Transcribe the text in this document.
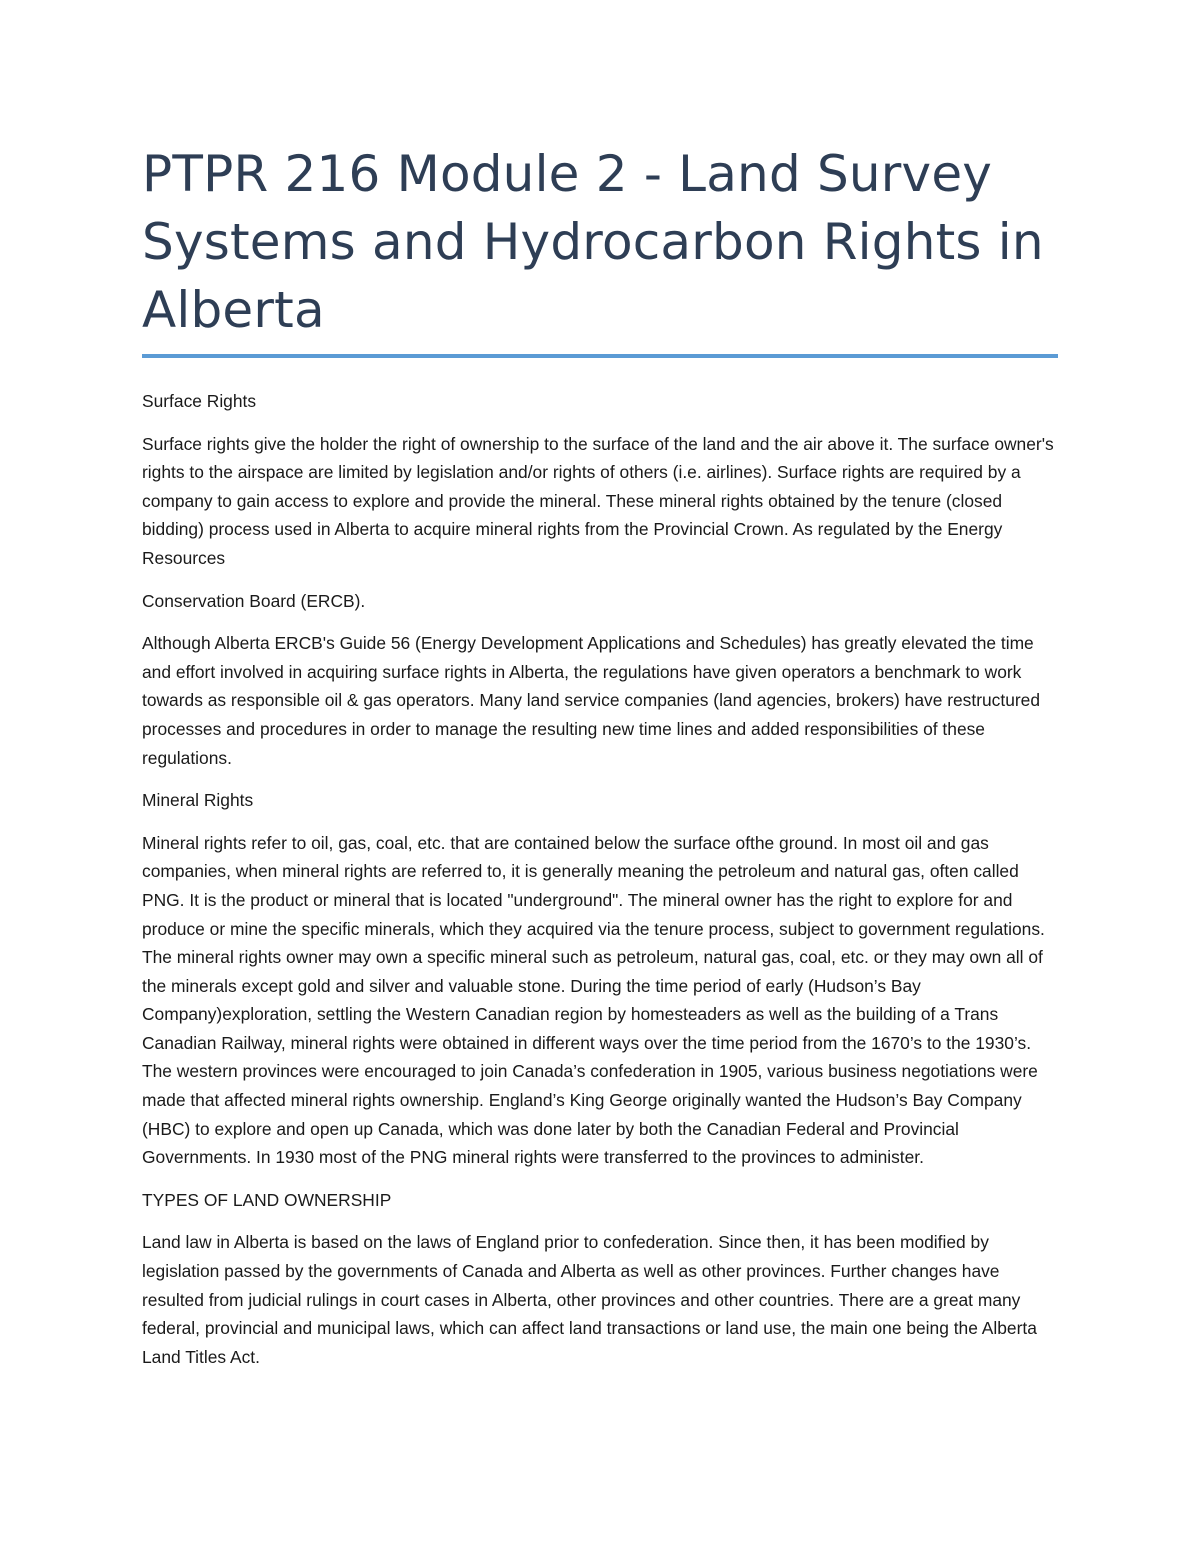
PTPR 216 Module 2 - Land Survey Systems and Hydrocarbon Rights in Alberta

Surface Rights

Surface rights give the holder the right of ownership to the surface of the land and the air above it. The surface owner's rights to the airspace are limited by legislation and/or rights of others (i.e. airlines). Surface rights are required by a company to gain access to explore and provide the mineral. These mineral rights obtained by the tenure (closed bidding) process used in Alberta to acquire mineral rights from the Provincial Crown. As regulated by the Energy Resources

Conservation Board (ERCB).

Although Alberta ERCB's Guide 56 (Energy Development Applications and Schedules) has greatly elevated the time and effort involved in acquiring surface rights in Alberta, the regulations have given operators a benchmark to work towards as responsible oil & gas operators. Many land service companies (land agencies, brokers) have restructured processes and procedures in order to manage the resulting new time lines and added responsibilities of these regulations.

Mineral Rights

Mineral rights refer to oil, gas, coal, etc. that are contained below the surface ofthe ground. In most oil and gas companies, when mineral rights are referred to, it is generally meaning the petroleum and natural gas, often called PNG. It is the product or mineral that is located "underground". The mineral owner has the right to explore for and produce or mine the specific minerals, which they acquired via the tenure process, subject to government regulations. The mineral rights owner may own a specific mineral such as petroleum, natural gas, coal, etc. or they may own all of the minerals except gold and silver and valuable stone. During the time period of early (Hudson’s Bay Company)exploration, settling the Western Canadian region by homesteaders as well as the building of a Trans Canadian Railway, mineral rights were obtained in different ways over the time period from the 1670’s to the 1930’s. The western provinces were encouraged to join Canada’s confederation in 1905, various business negotiations were made that affected mineral rights ownership. England’s King George originally wanted the Hudson’s Bay Company (HBC) to explore and open up Canada, which was done later by both the Canadian Federal and Provincial Governments. In 1930 most of the PNG mineral rights were transferred to the provinces to administer.

TYPES OF LAND OWNERSHIP

Land law in Alberta is based on the laws of England prior to confederation. Since then, it has been modified by legislation passed by the governments of Canada and Alberta as well as other provinces. Further changes have resulted from judicial rulings in court cases in Alberta, other provinces and other countries. There are a great many federal, provincial and municipal laws, which can affect land transactions or land use, the main one being the Alberta Land Titles Act.
